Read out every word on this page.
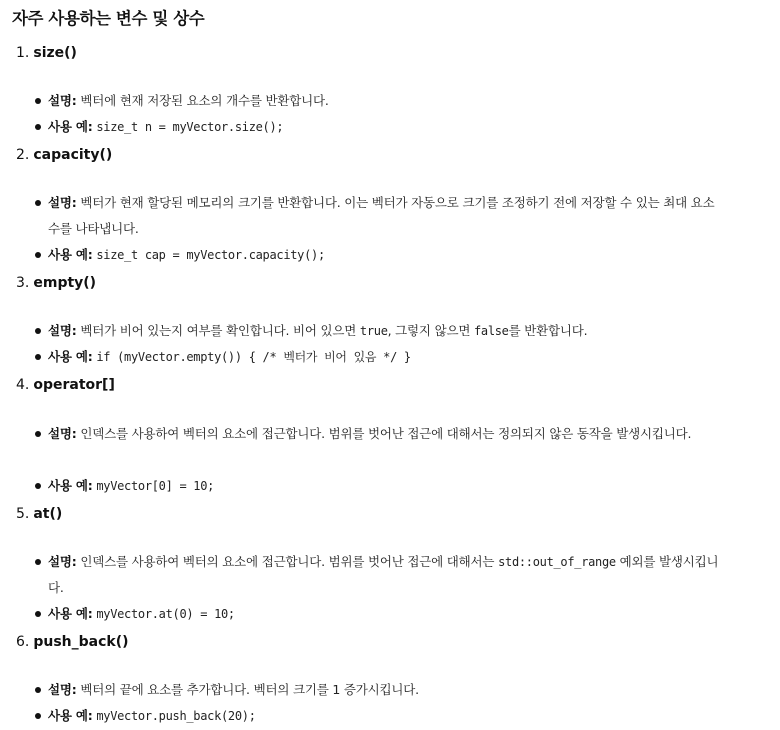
자주 사용하는 변수 및 상수
1. size()
설명: 벡터에 현재 저장된 요소의 개수를 반환합니다.
사용 예: size_t n = myVector.size();
2. capacity()
설명: 벡터가 현재 할당된 메모리의 크기를 반환합니다. 이는 벡터가 자동으로 크기를 조정하기 전에 저장할 수 있는 최대 요소 수를 나타냅니다.
사용 예: size_t cap = myVector.capacity();
3. empty()
설명: 벡터가 비어 있는지 여부를 확인합니다. 비어 있으면 true, 그렇지 않으면 false를 반환합니다.
사용 예: if (myVector.empty()) { /* 벡터가 비어 있음 */ }
4. operator[]
설명: 인덱스를 사용하여 벡터의 요소에 접근합니다. 범위를 벗어난 접근에 대해서는 정의되지 않은 동작을 발생시킵니다.
사용 예: myVector[0] = 10;
5. at()
설명: 인덱스를 사용하여 벡터의 요소에 접근합니다. 범위를 벗어난 접근에 대해서는 std::out_of_range 예외를 발생시킵니다.
사용 예: myVector.at(0) = 10;
6. push_back()
설명: 벡터의 끝에 요소를 추가합니다. 벡터의 크기를 1 증가시킵니다.
사용 예: myVector.push_back(20);
